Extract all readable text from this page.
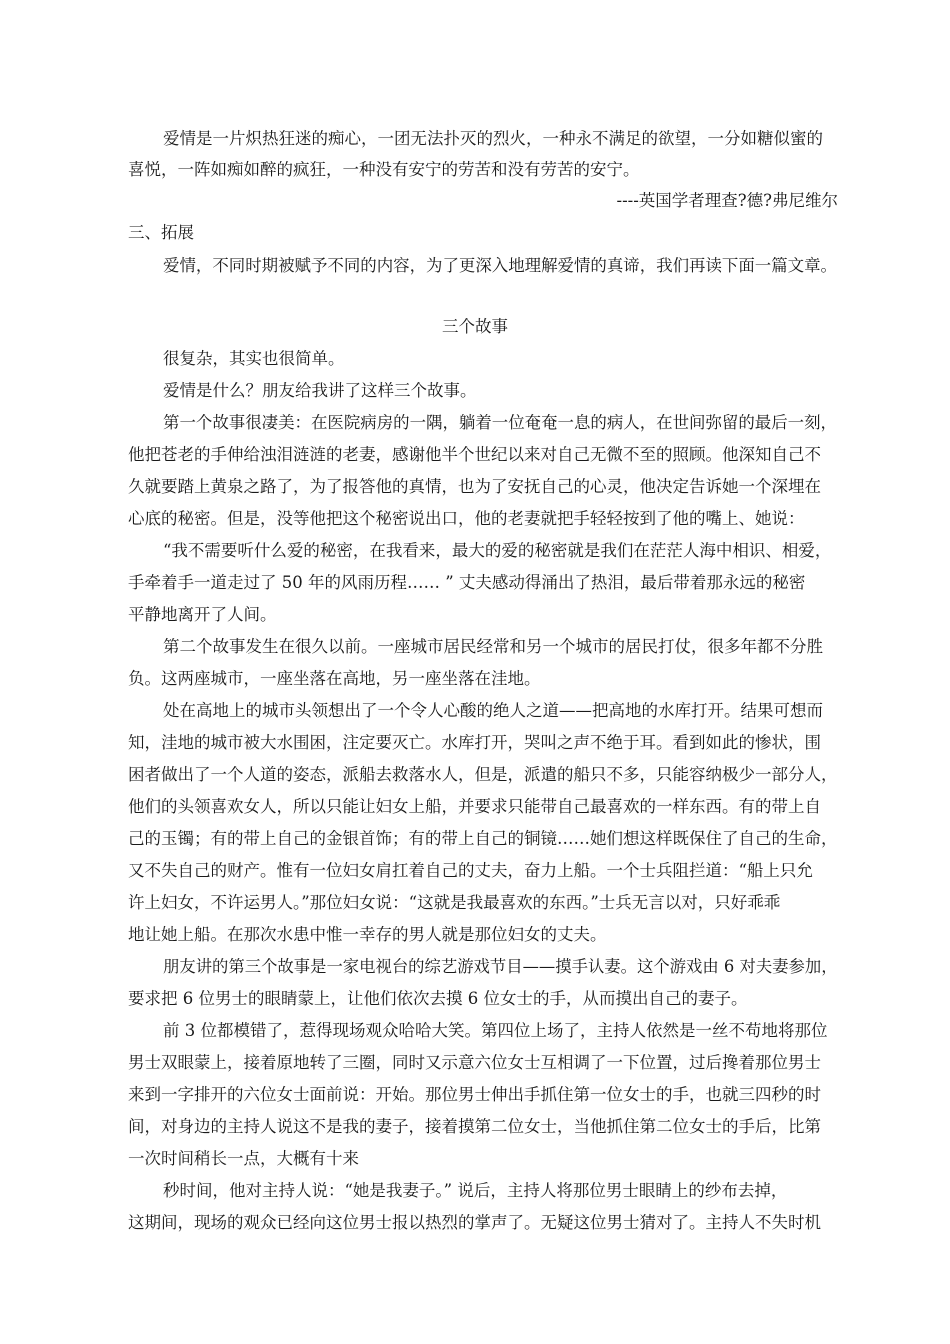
爱情是一片炽热狂迷的痴心，一团无法扑灭的烈火，一种永不满足的欲望，一分如糖似蜜的

喜悦，一阵如痴如醉的疯狂，一种没有安宁的劳苦和没有劳苦的安宁。

----英国学者理查?德?弗尼维尔

三、拓展

爱情，不同时期被赋予不同的内容，为了更深入地理解爱情的真谛，我们再读下面一篇文章。

三个故事

很复杂，其实也很简单。

爱情是什么？朋友给我讲了这样三个故事。

第一个故事很凄美：在医院病房的一隅，躺着一位奄奄一息的病人，在世间弥留的最后一刻，

他把苍老的手伸给浊泪涟涟的老妻，感谢他半个世纪以来对自己无微不至的照顾。他深知自己不

久就要踏上黄泉之路了，为了报答他的真情，也为了安抚自己的心灵，他决定告诉她一个深埋在

心底的秘密。但是，没等他把这个秘密说出口，他的老妻就把手轻轻按到了他的嘴上、她说：

“我不需要听什么爱的秘密，在我看来，最大的爱的秘密就是我们在茫茫人海中相识、相爱，

手牵着手一道走过了 50 年的风雨历程…… ” 丈夫感动得涌出了热泪，最后带着那永远的秘密

平静地离开了人间。

第二个故事发生在很久以前。一座城市居民经常和另一个城市的居民打仗，很多年都不分胜

负。这两座城市，一座坐落在高地，另一座坐落在洼地。

处在高地上的城市头领想出了一个令人心酸的绝人之道——把高地的水库打开。结果可想而

知，洼地的城市被大水围困，注定要灭亡。水库打开，哭叫之声不绝于耳。看到如此的惨状，围

困者做出了一个人道的姿态，派船去救落水人，但是，派遣的船只不多，只能容纳极少一部分人，

他们的头领喜欢女人，所以只能让妇女上船，并要求只能带自己最喜欢的一样东西。有的带上自

己的玉镯；有的带上自己的金银首饰；有的带上自己的铜镜……她们想这样既保住了自己的生命，

又不失自己的财产。惟有一位妇女肩扛着自己的丈夫，奋力上船。一个士兵阻拦道：“船上只允

许上妇女，不许运男人。”那位妇女说：“这就是我最喜欢的东西。”士兵无言以对，只好乖乖

地让她上船。在那次水患中惟一幸存的男人就是那位妇女的丈夫。

朋友讲的第三个故事是一家电视台的综艺游戏节目——摸手认妻。这个游戏由 6 对夫妻参加，

要求把 6 位男士的眼睛蒙上，让他们依次去摸 6 位女士的手，从而摸出自己的妻子。

前 3 位都模错了，惹得现场观众哈哈大笑。第四位上场了，主持人依然是一丝不苟地将那位

男士双眼蒙上，接着原地转了三圈，同时又示意六位女士互相调了一下位置，过后搀着那位男士

来到一字排开的六位女士面前说：开始。那位男士伸出手抓住第一位女士的手，也就三四秒的时

间，对身边的主持人说这不是我的妻子，接着摸第二位女士，当他抓住第二位女士的手后，比第

一次时间稍长一点，大概有十来

秒时间，他对主持人说：“她是我妻子。” 说后，主持人将那位男士眼睛上的纱布去掉，

这期间，现场的观众已经向这位男士报以热烈的掌声了。无疑这位男士猜对了。主持人不失时机
